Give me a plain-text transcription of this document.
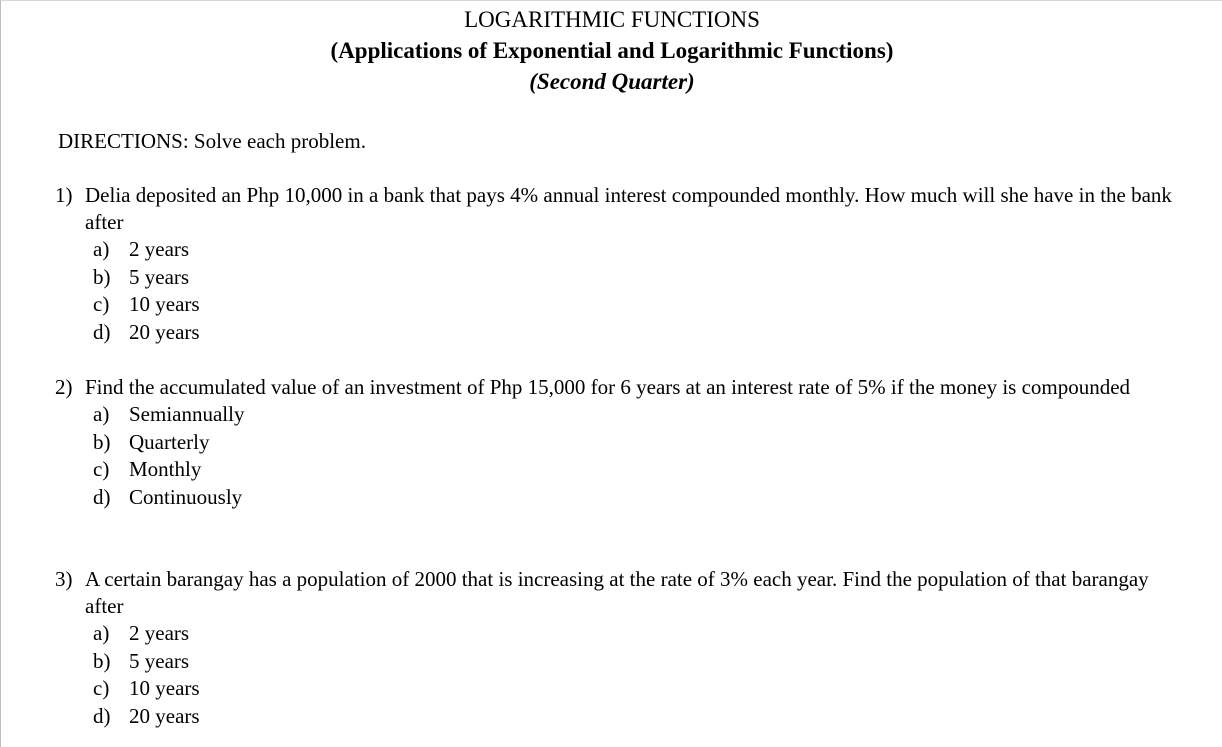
LOGARITHMIC FUNCTIONS
(Applications of Exponential and Logarithmic Functions)
(Second Quarter)

DIRECTIONS: Solve each problem.

1) Delia deposited an Php 10,000 in a bank that pays 4% annual interest compounded monthly. How much will she have in the bank after

a) 2 years
b) 5 years
c) 10 years
d) 20 years

2) Find the accumulated value of an investment of Php 15,000 for 6 years at an interest rate of 5% if the money is compounded

a) Semiannually
b) Quarterly
c) Monthly
d) Continuously

3) A certain barangay has a population of 2000 that is increasing at the rate of 3% each year. Find the population of that barangay after

a) 2 years
b) 5 years
c) 10 years
d) 20 years
